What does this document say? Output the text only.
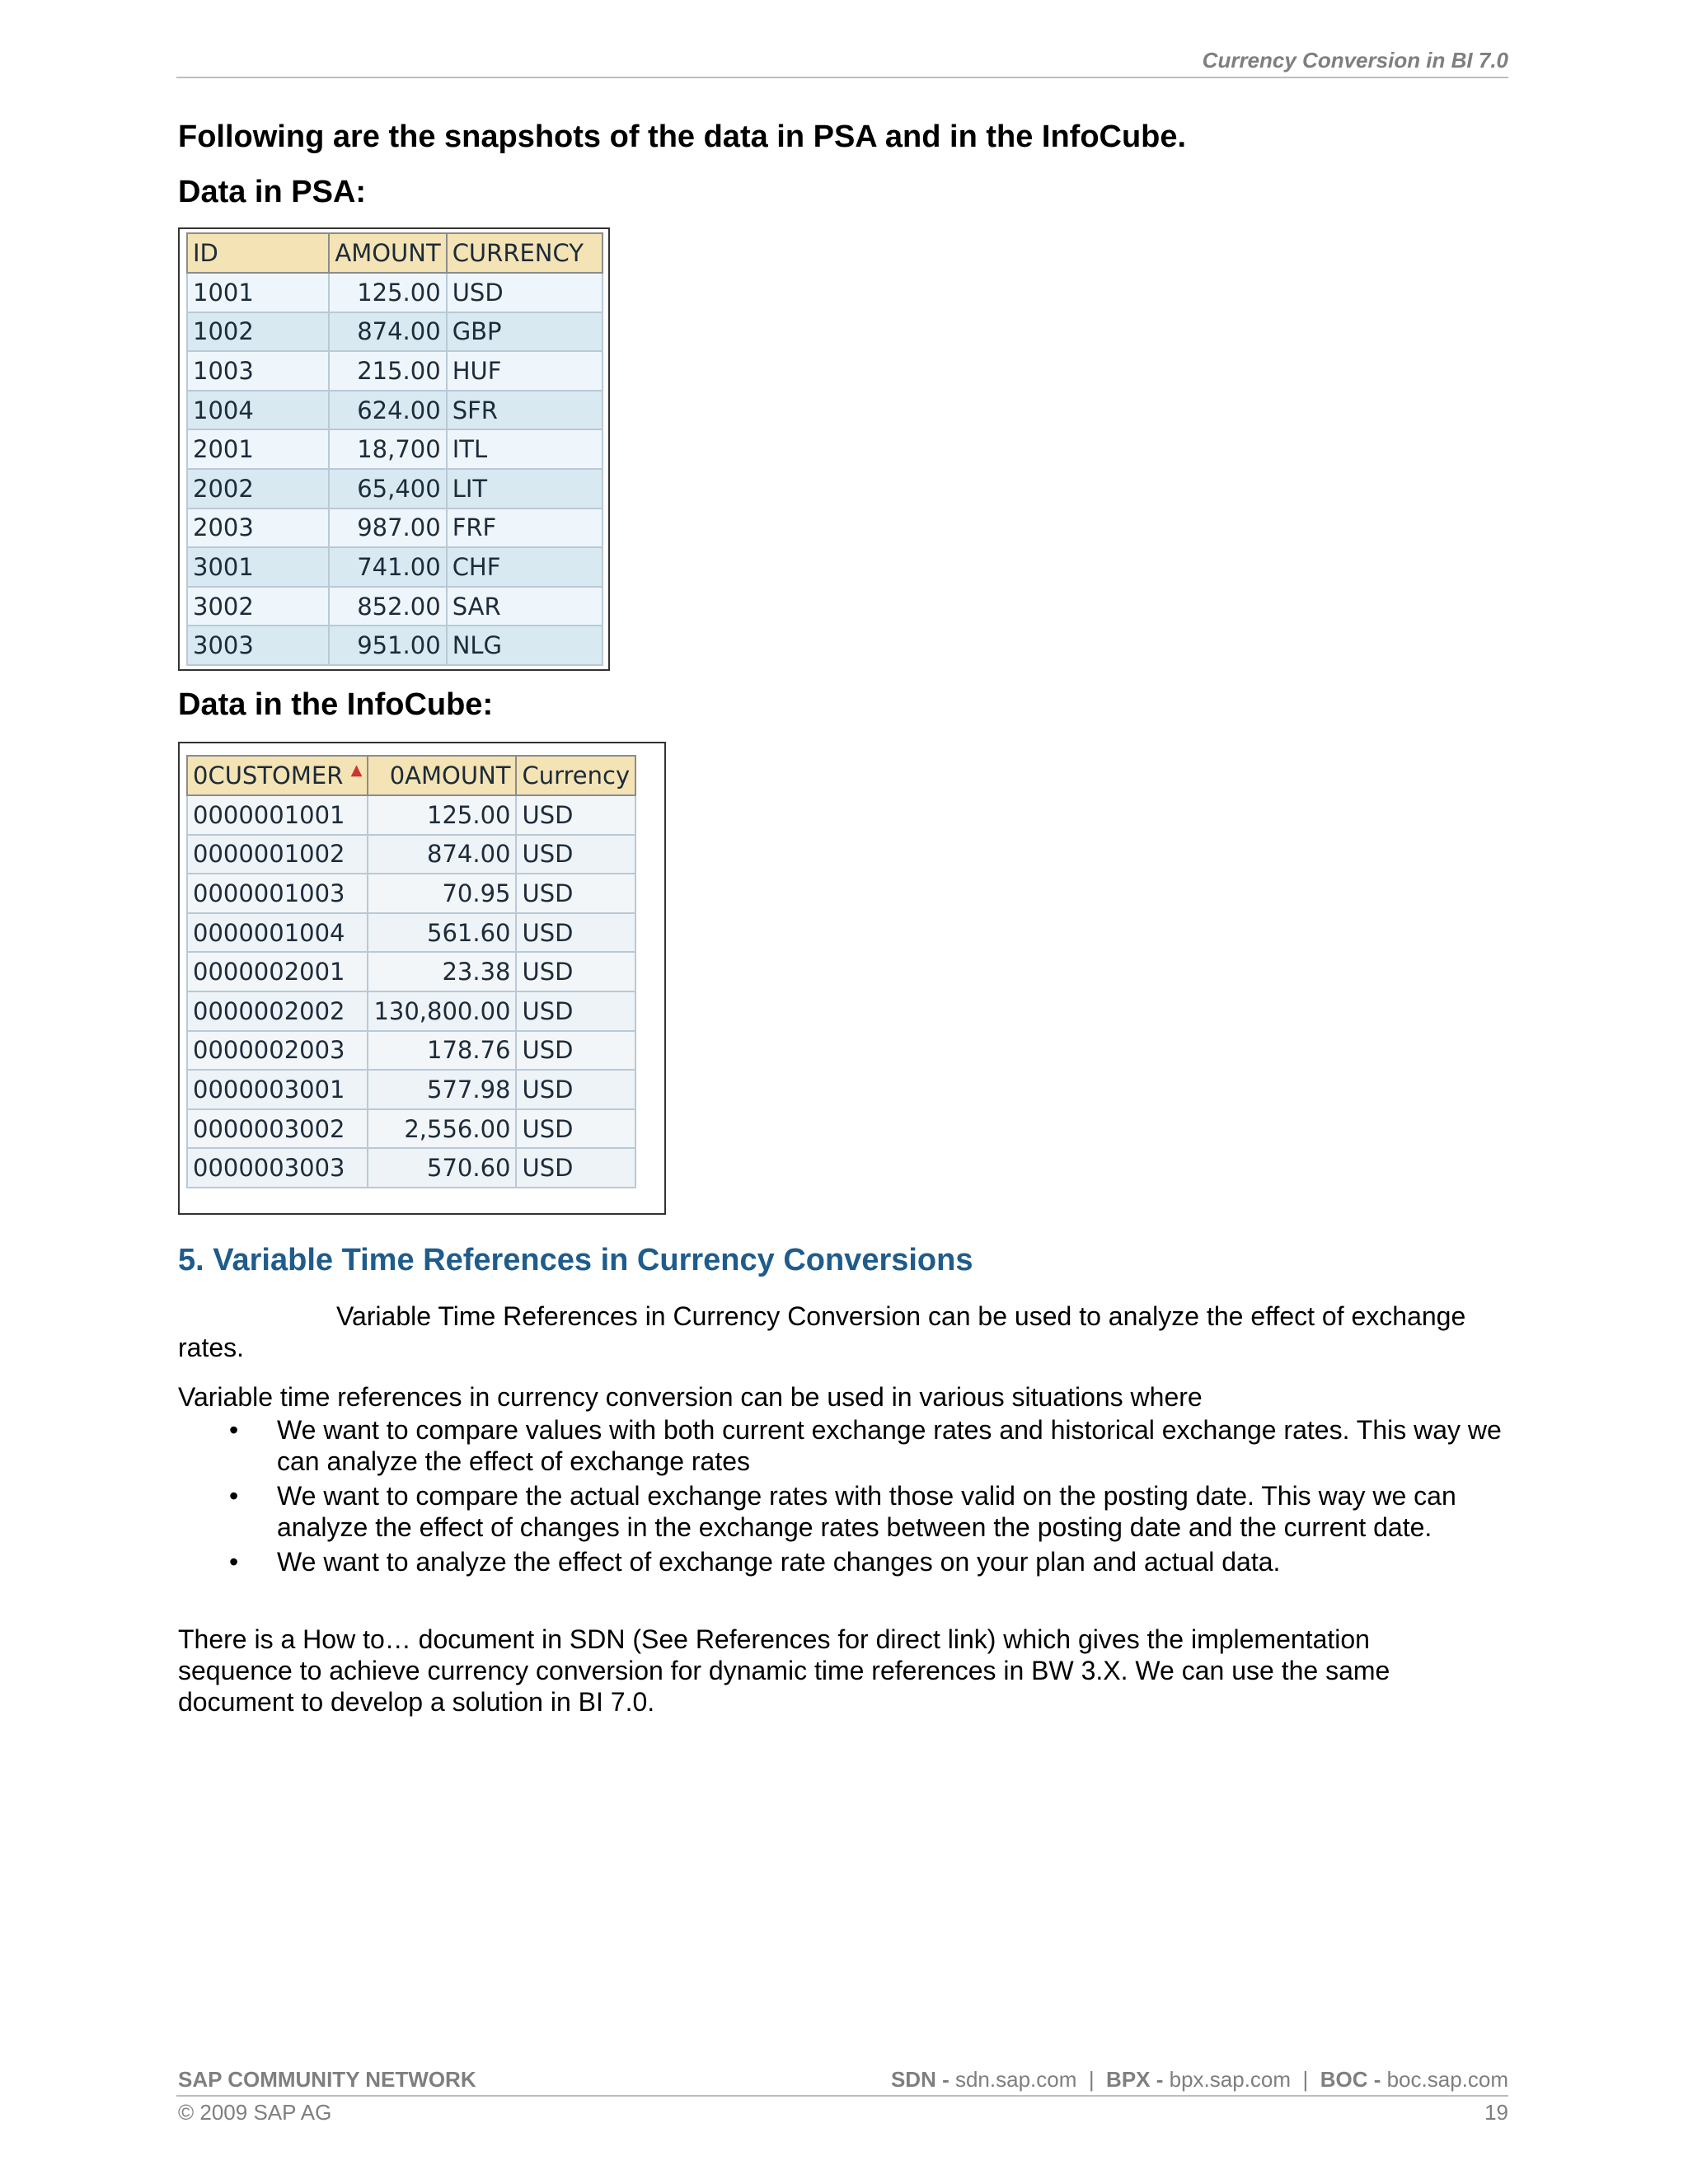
Currency Conversion in BI 7.0
Following are the snapshots of the data in PSA and in the InfoCube.
Data in PSA:
ID	AMOUNT	CURRENCY
1001	125.00	USD
1002	874.00	GBP
1003	215.00	HUF
1004	624.00	SFR
2001	18,700	ITL
2002	65,400	LIT
2003	987.00	FRF
3001	741.00	CHF
3002	852.00	SAR
3003	951.00	NLG
Data in the InfoCube:
0CUSTOMER ▲	0AMOUNT	Currency
0000001001	125.00	USD
0000001002	874.00	USD
0000001003	70.95	USD
0000001004	561.60	USD
0000002001	23.38	USD
0000002002	130,800.00	USD
0000002003	178.76	USD
0000003001	577.98	USD
0000003002	2,556.00	USD
0000003003	570.60	USD
5. Variable Time References in Currency Conversions
Variable Time References in Currency Conversion can be used to analyze the effect of exchange rates.
Variable time references in currency conversion can be used in various situations where
• We want to compare values with both current exchange rates and historical exchange rates. This way we can analyze the effect of exchange rates
• We want to compare the actual exchange rates with those valid on the posting date. This way we can analyze the effect of changes in the exchange rates between the posting date and the current date.
• We want to analyze the effect of exchange rate changes on your plan and actual data.
There is a How to… document in SDN (See References for direct link) which gives the implementation sequence to achieve currency conversion for dynamic time references in BW 3.X. We can use the same document to develop a solution in BI 7.0.
SAP COMMUNITY NETWORK	SDN - sdn.sap.com | BPX - bpx.sap.com | BOC - boc.sap.com
© 2009 SAP AG	19
